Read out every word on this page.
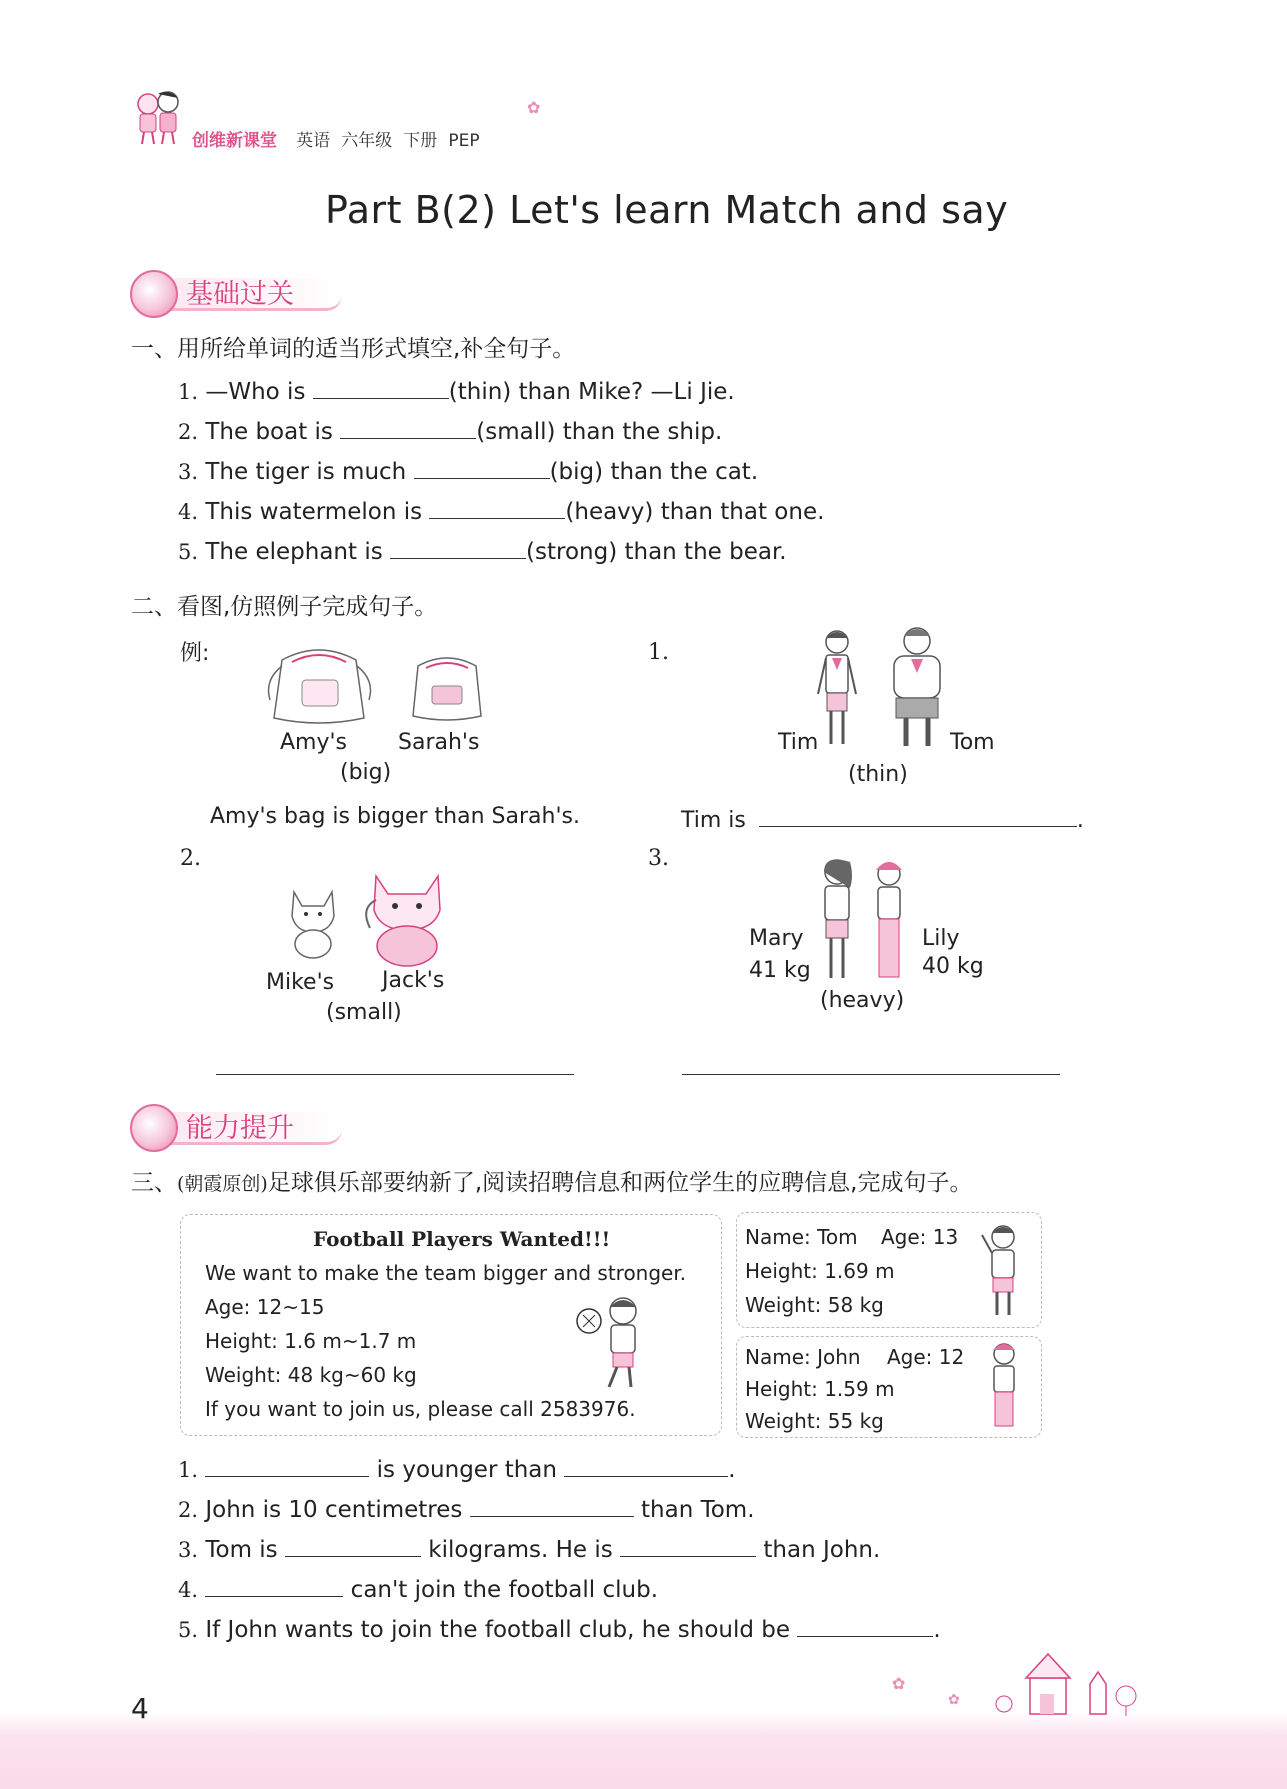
创维新课堂 英语 六年级 下册 PEP
✿
Part B(2) Let's learn Match and say
基础过关
一、用所给单词的适当形式填空,补全句子。
1. —Who is	(thin) than Mike? —Li Jie.
2. The boat is	(small) than the ship.
3. The tiger is much	(big) than the cat.
4. This watermelon is	(heavy) than that one.
5. The elephant is	(strong) than the bear.
二、看图,仿照例子完成句子。
例:
Amy's Sarah's
(big)
Amy's bag is bigger than Sarah's.
1.
Tim	Tom
(thin)
Tim is	.
2.
Mike's Jack's
(small)
3.
Mary
41 kg
Lily
40 kg
(heavy)
能力提升
三、(朝霞原创)足球俱乐部要纳新了,阅读招聘信息和两位学生的应聘信息,完成句子。
Football Players Wanted!!!
We want to make the team bigger and stronger.
Age: 12~15
Height: 1.6 m~1.7 m
Weight: 48 kg~60 kg
If you want to join us, please call 2583976.
Name: Tom Age: 13
Height: 1.69 m
Weight: 58 kg
Name: John Age: 12
Height: 1.59 m
Weight: 55 kg
1.	is younger than	.
2. John is 10 centimetres	than Tom.
3. Tom is	kilograms. He is	than John.
4.	can't join the football club.
5. If John wants to join the football club, he should be	.
4
✿
✿
